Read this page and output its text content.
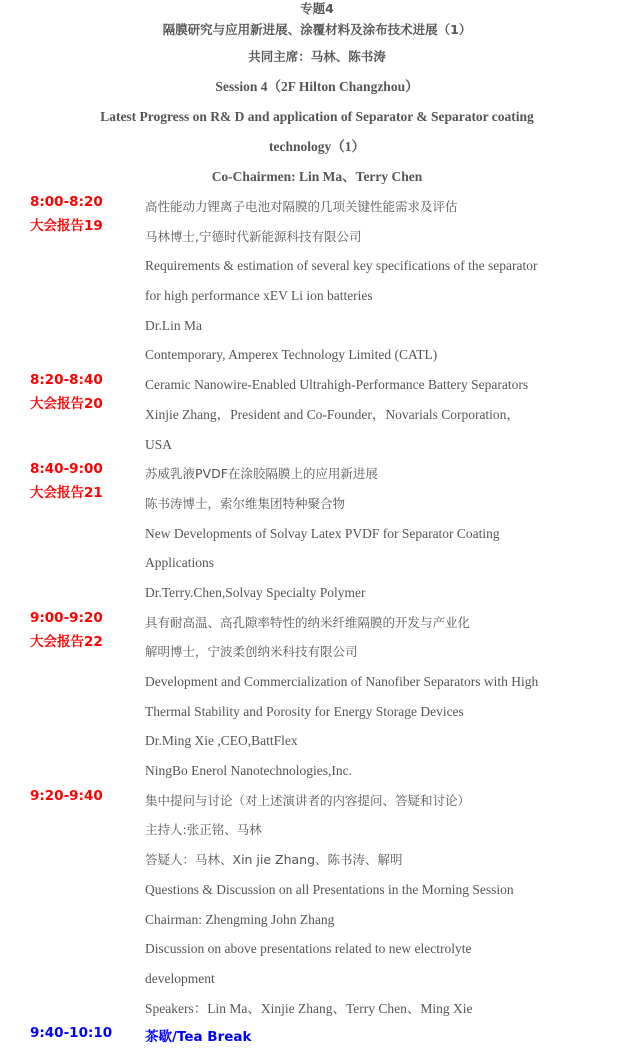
专题4
隔膜研究与应用新进展、涂覆材料及涂布技术进展（1）
共同主席：马林、陈书涛
Session 4（2F Hilton Changzhou）
Latest Progress on R& D and application of Separator & Separator coating
technology（1）
Co-Chairmen: Lin Ma、Terry Chen
8:00-8:20
大会报告19
高性能动力锂离子电池对隔膜的几项关键性能需求及评估
马林博士,宁德时代新能源科技有限公司
Requirements & estimation of several key specifications of the separator
for high performance xEV Li ion batteries
Dr.Lin Ma
Contemporary, Amperex Technology Limited (CATL)
8:20-8:40
大会报告20
Ceramic Nanowire-Enabled Ultrahigh-Performance Battery Separators
Xinjie Zhang，President and Co-Founder，Novarials Corporation，
USA
8:40-9:00
大会报告21
苏威乳液PVDF在涂胶隔膜上的应用新进展
陈书涛博士，索尔维集团特种聚合物
New Developments of Solvay Latex PVDF for Separator Coating
Applications
Dr.Terry.Chen,Solvay Specialty Polymer
9:00-9:20
大会报告22
具有耐高温、高孔隙率特性的纳米纤维隔膜的开发与产业化
解明博士，宁波柔创纳米科技有限公司
Development and Commercialization of Nanofiber Separators with High
Thermal Stability and Porosity for Energy Storage Devices
Dr.Ming Xie ,CEO,BattFlex
NingBo Enerol Nanotechnologies,Inc.
9:20-9:40	集中提问与讨论（对上述演讲者的内容提问、答疑和讨论）
主持人:张正铭、马林
答疑人：马林、Xin jie Zhang、陈书涛、解明
Questions & Discussion on all Presentations in the Morning Session
Chairman: Zhengming John Zhang
Discussion on above presentations related to new electrolyte
development
Speakers：Lin Ma、Xinjie Zhang、Terry Chen、Ming Xie
9:40-10:10	茶歇/Tea Break
